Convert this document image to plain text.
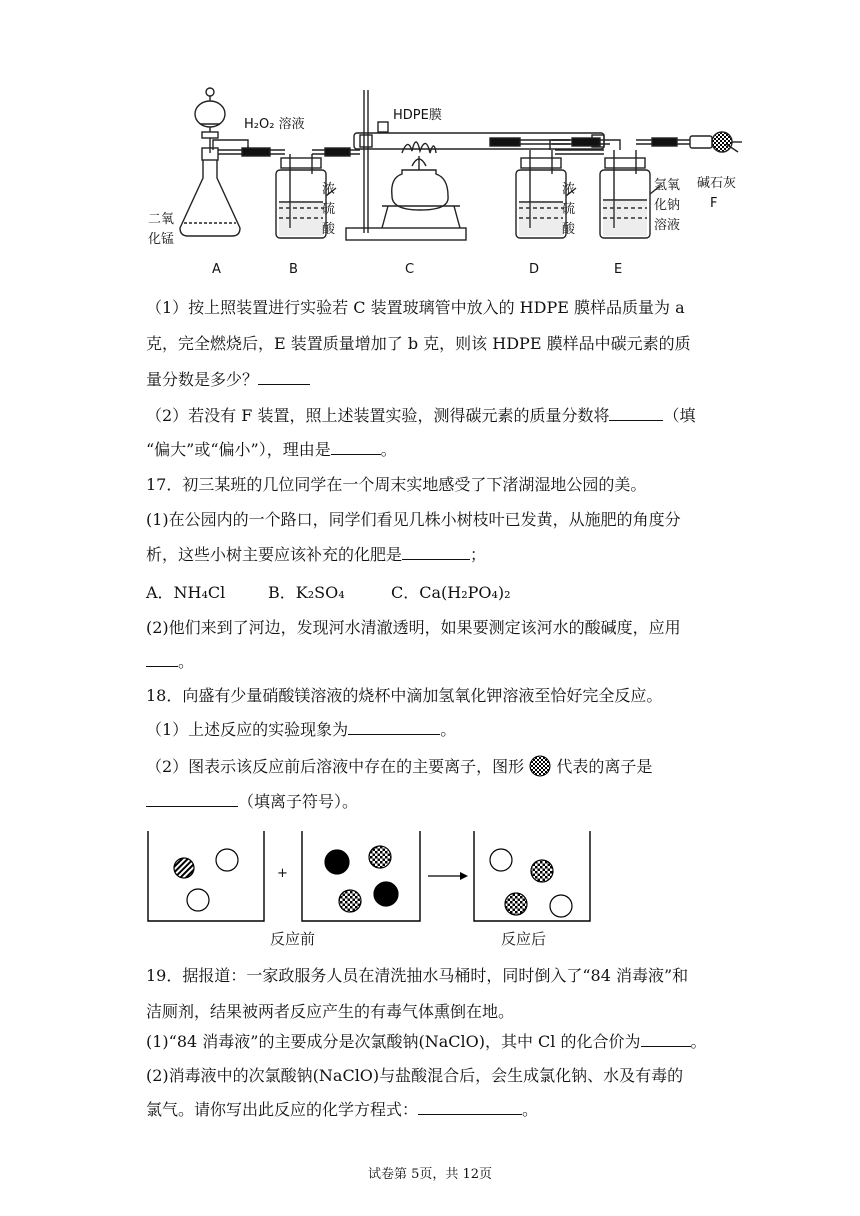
H₂O₂ 溶液
HDPE膜
二氧
化锰
浓
硫
酸
浓
硫
酸
氢氧
化钠
溶液
碱石灰
F
A	B	C	D	E
（1）按上照装置进行实验若 C 装置玻璃管中放入的 HDPE 膜样品质量为 a
克，完全燃烧后，E 装置质量增加了 b 克，则该 HDPE 膜样品中碳元素的质
量分数是多少？
（2）若没有 F 装置，照上述装置实验，测得碳元素的质量分数将	（填
“偏大”或“偏小”），理由是	。
17．初三某班的几位同学在一个周末实地感受了下渚湖湿地公园的美。
(1)在公园内的一个路口，同学们看见几株小树枝叶已发黄，从施肥的角度分
析，这些小树主要应该补充的化肥是	；
A．NH₄Cl	B．K₂SO₄	C．Ca(H₂PO₄)₂
(2)他们来到了河边，发现河水清澈透明，如果要测定该河水的酸碱度，应用
。
18．向盛有少量硝酸镁溶液的烧杯中滴加氢氧化钾溶液至恰好完全反应。
（1）上述反应的实验现象为	。
（2）图表示该反应前后溶液中存在的主要离子，图形 代表的离子是
（填离子符号）。
+
反应前	反应后
19．据报道：一家政服务人员在清洗抽水马桶时，同时倒入了“84 消毒液”和
洁厕剂，结果被两者反应产生的有毒气体熏倒在地。
(1)“84 消毒液”的主要成分是次氯酸钠(NaClO)，其中 Cl 的化合价为	。
(2)消毒液中的次氯酸钠(NaClO)与盐酸混合后，会生成氯化钠、水及有毒的
氯气。请你写出此反应的化学方程式：	。
试卷第 5页，共 12页
